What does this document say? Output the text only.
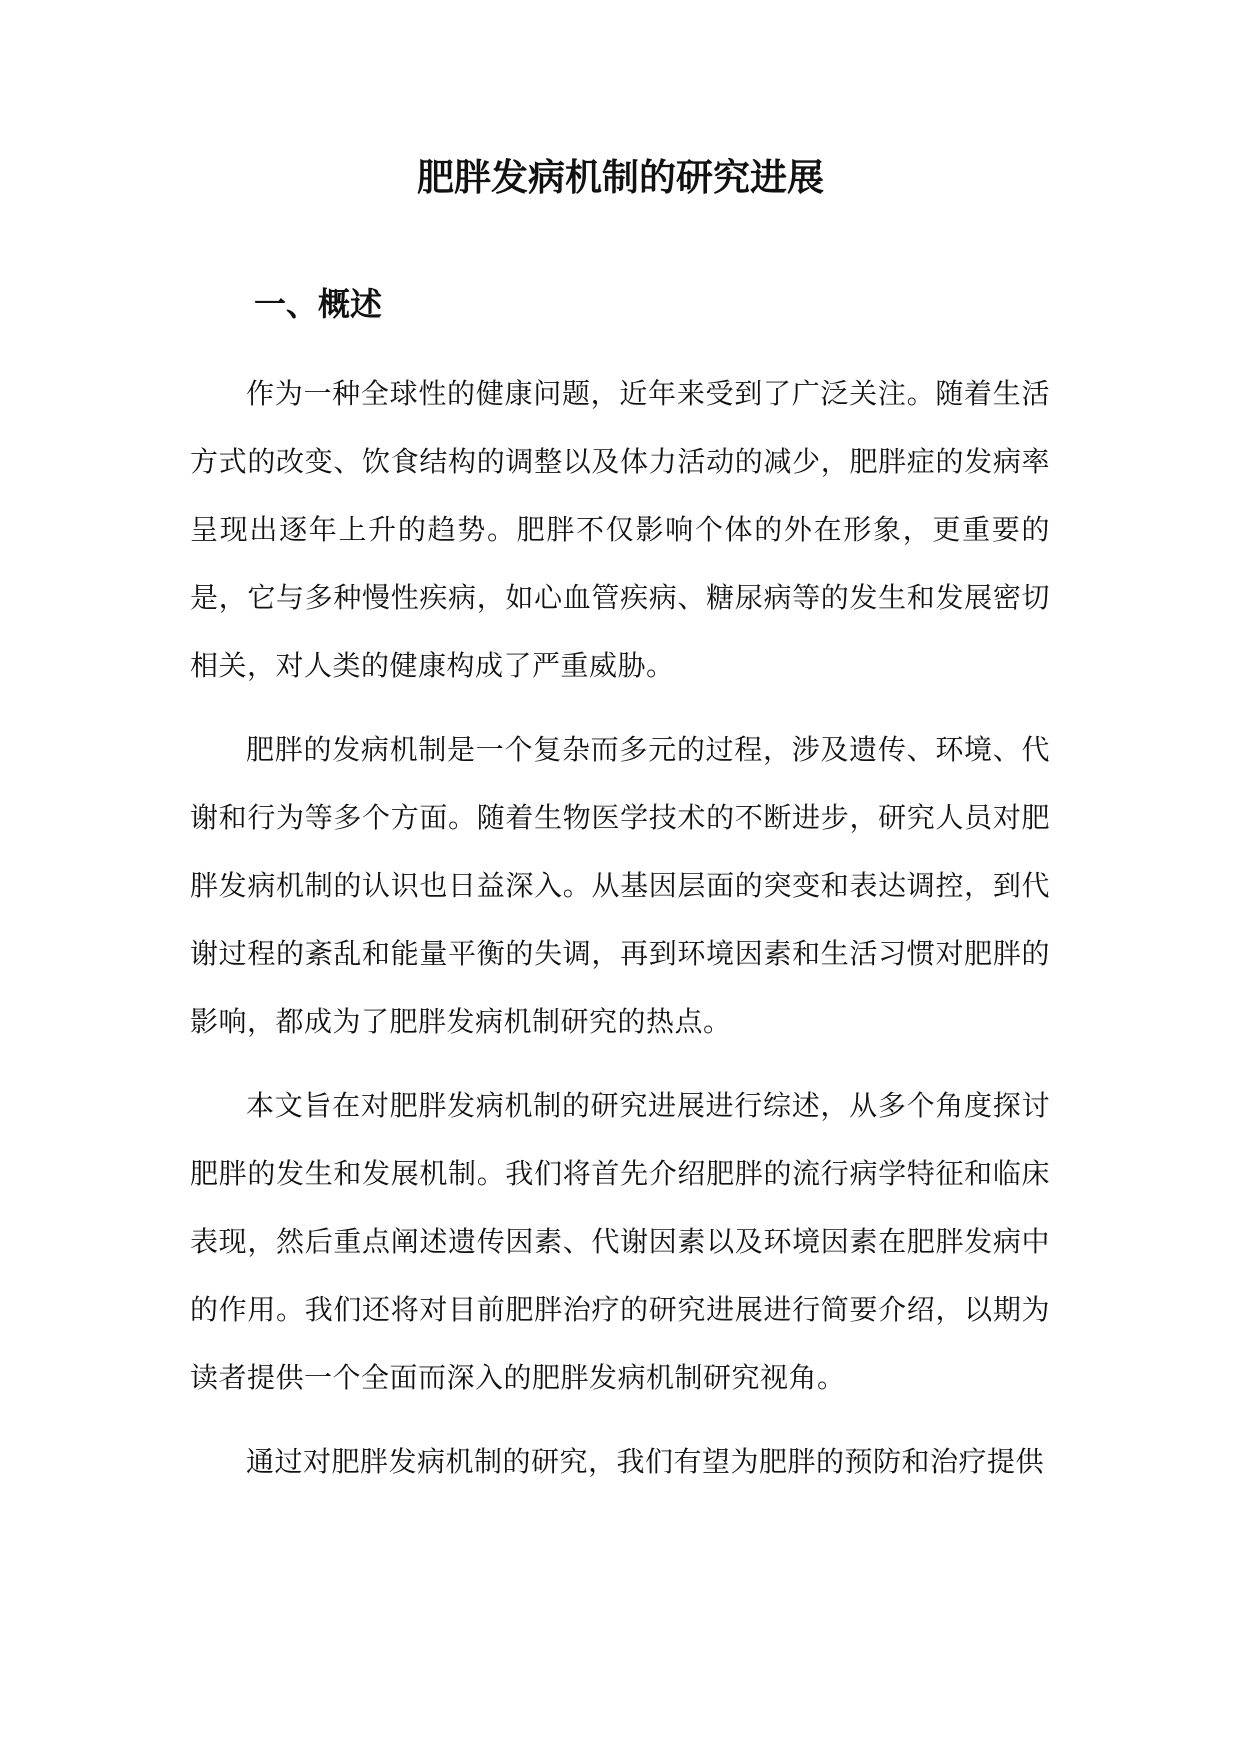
肥胖发病机制的研究进展
一、概述

作为一种全球性的健康问题，近年来受到了广泛关注。随着生活方式的改变、饮食结构的调整以及体力活动的减少，肥胖症的发病率呈现出逐年上升的趋势。肥胖不仅影响个体的外在形象，更重要的是，它与多种慢性疾病，如心血管疾病、糖尿病等的发生和发展密切相关，对人类的健康构成了严重威胁。

肥胖的发病机制是一个复杂而多元的过程，涉及遗传、环境、代谢和行为等多个方面。随着生物医学技术的不断进步，研究人员对肥胖发病机制的认识也日益深入。从基因层面的突变和表达调控，到代谢过程的紊乱和能量平衡的失调，再到环境因素和生活习惯对肥胖的影响，都成为了肥胖发病机制研究的热点。

本文旨在对肥胖发病机制的研究进展进行综述，从多个角度探讨肥胖的发生和发展机制。我们将首先介绍肥胖的流行病学特征和临床表现，然后重点阐述遗传因素、代谢因素以及环境因素在肥胖发病中的作用。我们还将对目前肥胖治疗的研究进展进行简要介绍，以期为读者提供一个全面而深入的肥胖发病机制研究视角。

通过对肥胖发病机制的研究，我们有望为肥胖的预防和治疗提供
